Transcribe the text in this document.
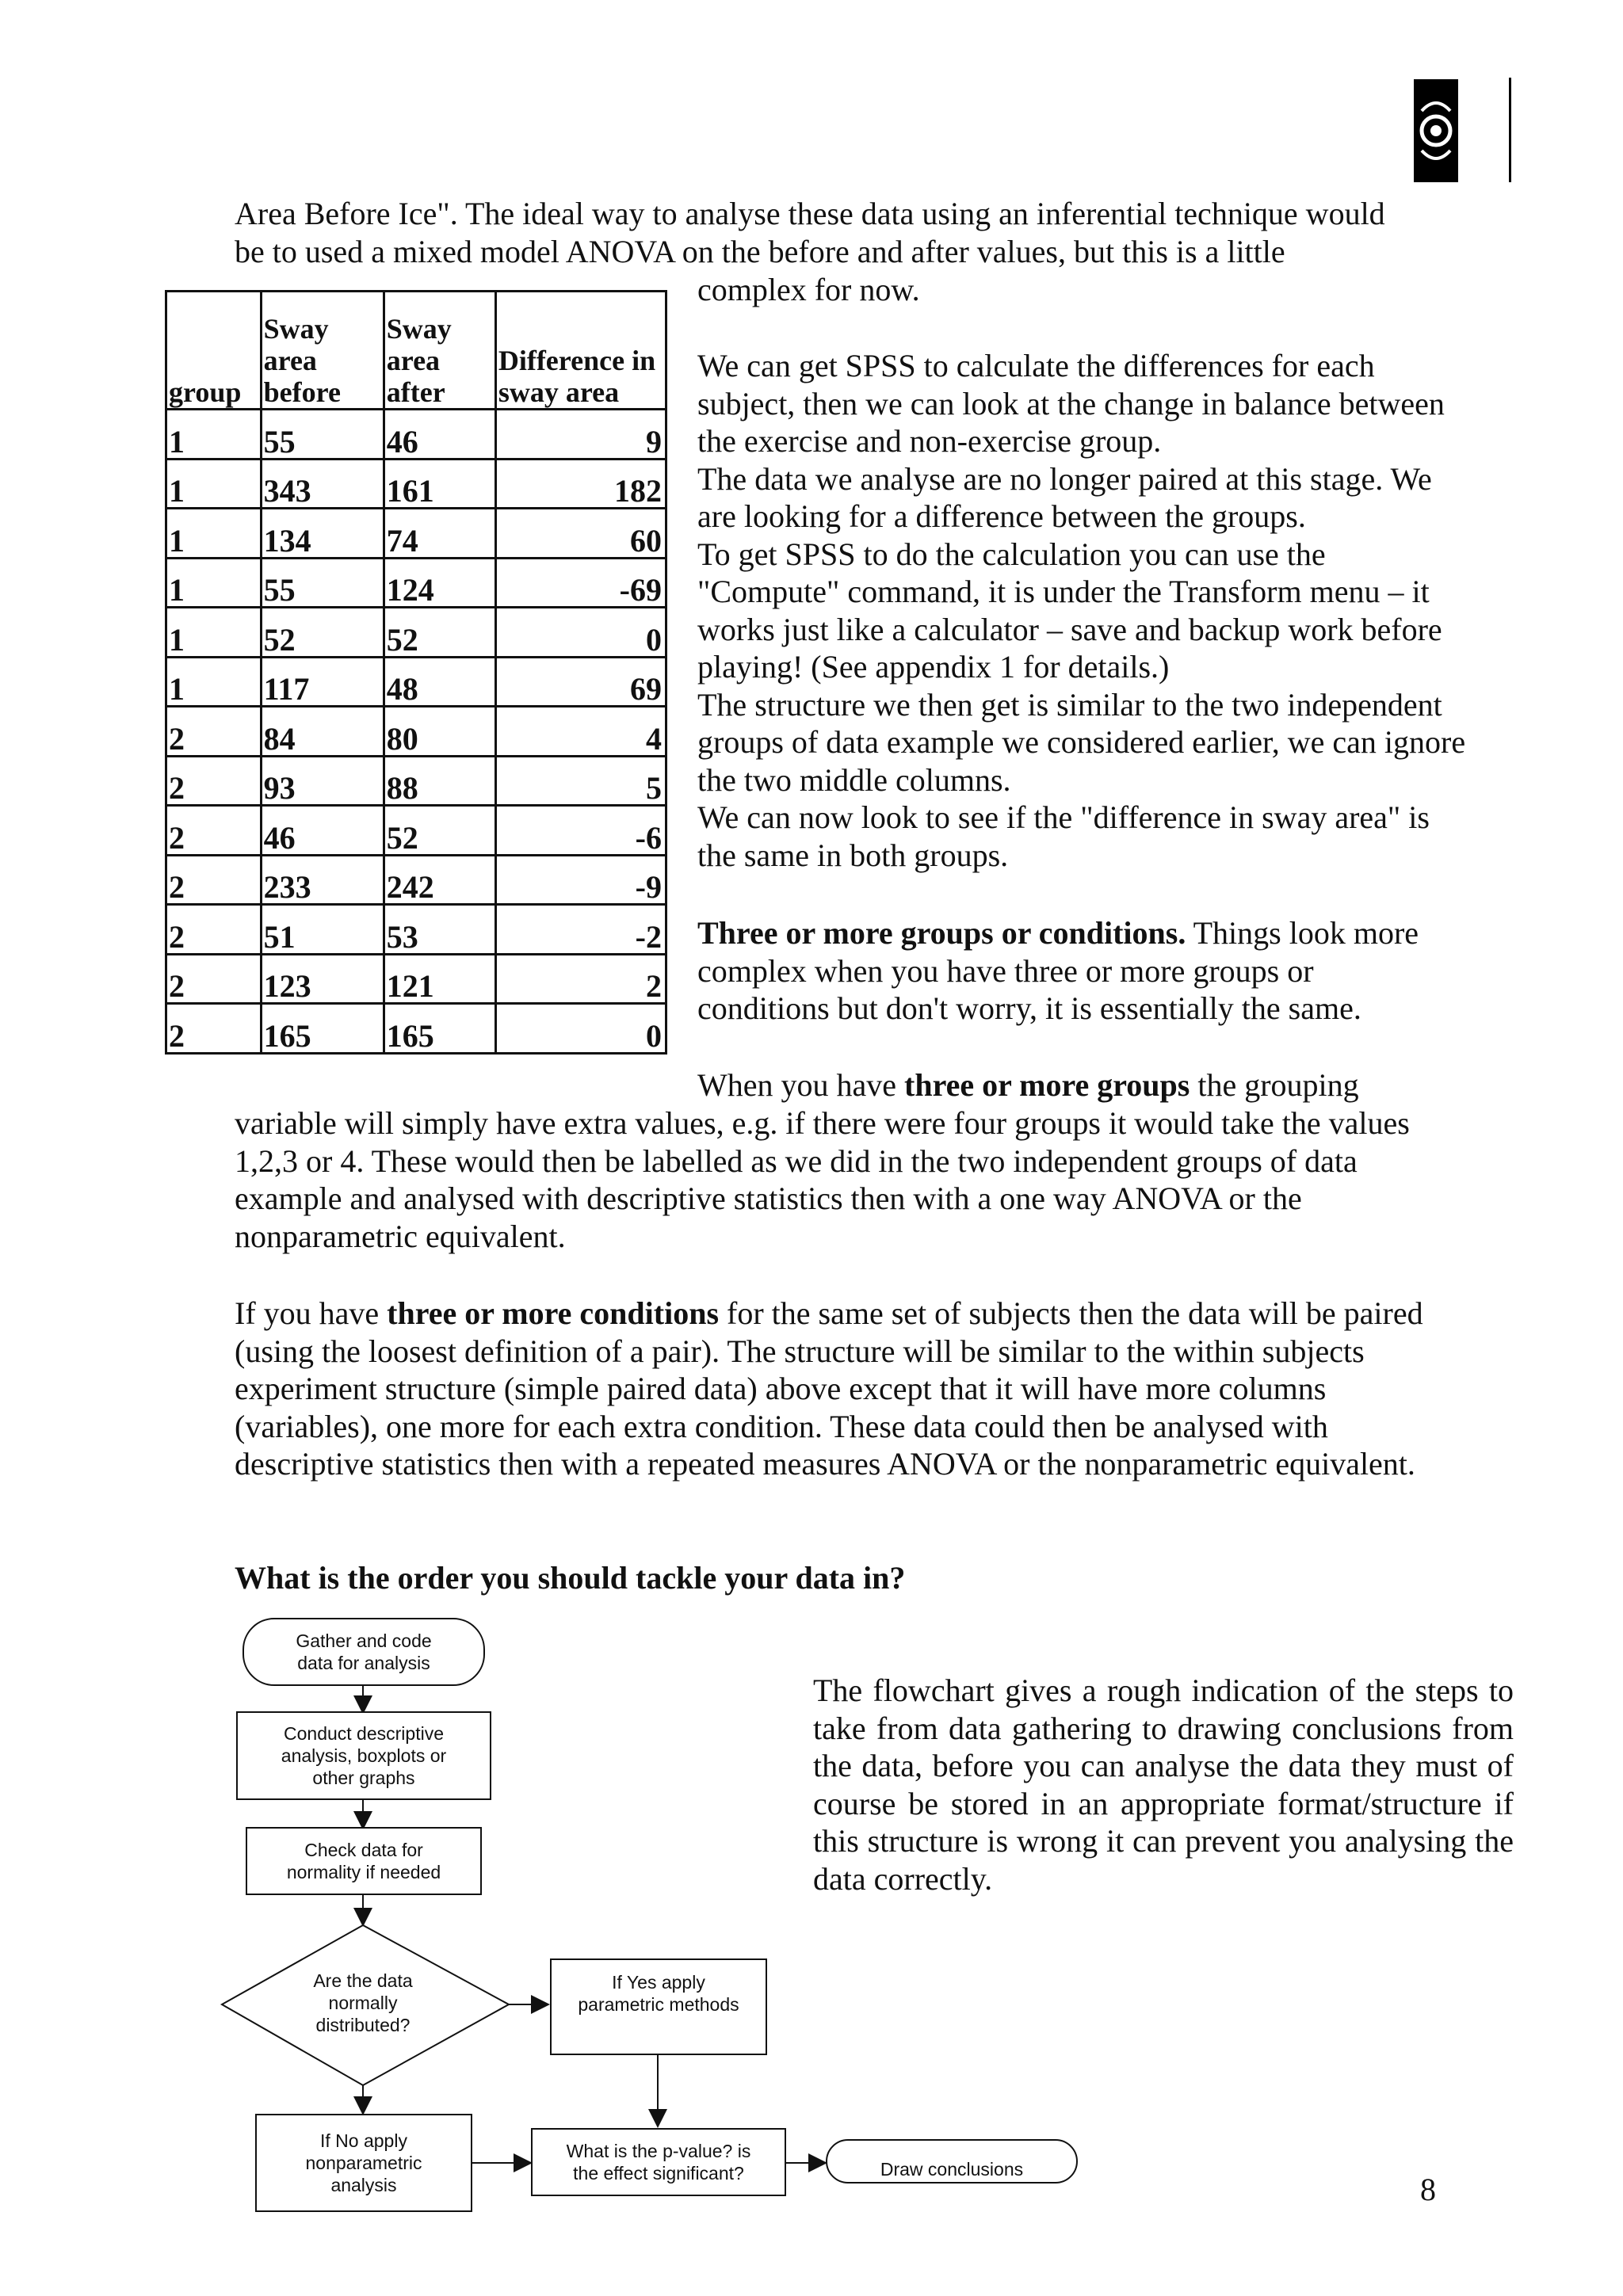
Area Before Ice". The ideal way to analyse these data using an inferential technique would

be to used a mixed model ANOVA on the before and after values, but this is a little

complex for now.

group	Sway area before	Sway area after	Difference in sway area
1	55	46	9
1	343	161	182
1	134	74	60
1	55	124	-69
1	52	52	0
1	117	48	69
2	84	80	4
2	93	88	5
2	46	52	-6
2	233	242	-9
2	51	53	-2
2	123	121	2
2	165	165	0
We can get SPSS to calculate the differences for each subject, then we can look at the change in balance between the exercise and non-exercise group.
The data we analyse are no longer paired at this stage. We are looking for a difference between the groups.
To get SPSS to do the calculation you can use the "Compute" command, it is under the Transform menu – it works just like a calculator – save and backup work before playing! (See appendix 1 for details.)
The structure we then get is similar to the two independent groups of data example we considered earlier, we can ignore the two middle columns.
We can now look to see if the "difference in sway area" is the same in both groups.
Three or more groups or conditions. Things look more complex when you have three or more groups or conditions but don't worry, it is essentially the same.
When you have three or more groups the grouping

variable will simply have extra values, e.g. if there were four groups it would take the values 1,2,3 or 4. These would then be labelled as we did in the two independent groups of data example and analysed with descriptive statistics then with a one way ANOVA or the nonparametric equivalent.

If you have three or more conditions for the same set of subjects then the data will be paired (using the loosest definition of a pair). The structure will be similar to the within subjects experiment structure (simple paired data) above except that it will have more columns (variables), one more for each extra condition. These data could then be analysed with descriptive statistics then with a repeated measures ANOVA or the nonparametric equivalent.

What is the order you should tackle your data in?

The flowchart gives a rough indication of the steps to take from data gathering to drawing conclusions from the data, before you can analyse the data they must of course be stored in an appropriate format/structure if this structure is wrong it can prevent you analysing the data correctly.

Gather and code data for analysis
Conduct descriptive analysis, boxplots or other graphs
Check data for normality if needed
Are the data normally distributed?
If Yes apply parametric methods
If No apply nonparametric analysis
What is the p-value? is the effect significant?	Draw conclusions
8
